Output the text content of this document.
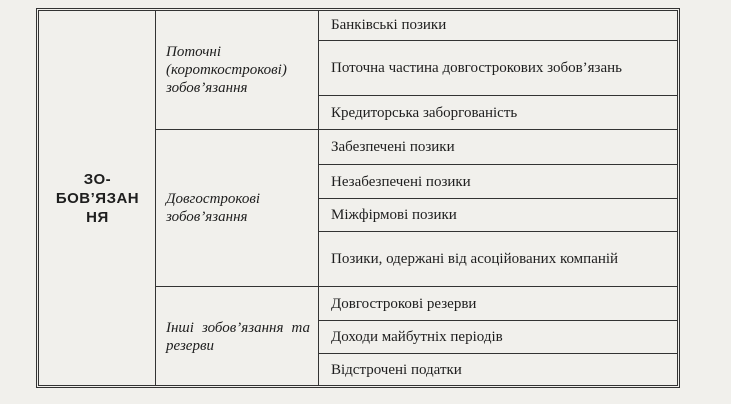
ЗО-
БОВ’ЯЗАН
НЯ
Поточні (короткострокові) зобов’язання
Довгострокові зобов’язання
Інші зобов’язання та резерви
Банківські позики
Поточна частина довгострокових зобов’язань
Кредиторська заборгованість
Забезпечені позики
Незабезпечені позики
Міжфірмові позики
Позики, одержані від асоційованих компаній
Довгострокові резерви
Доходи майбутніх періодів
Відстрочені податки
